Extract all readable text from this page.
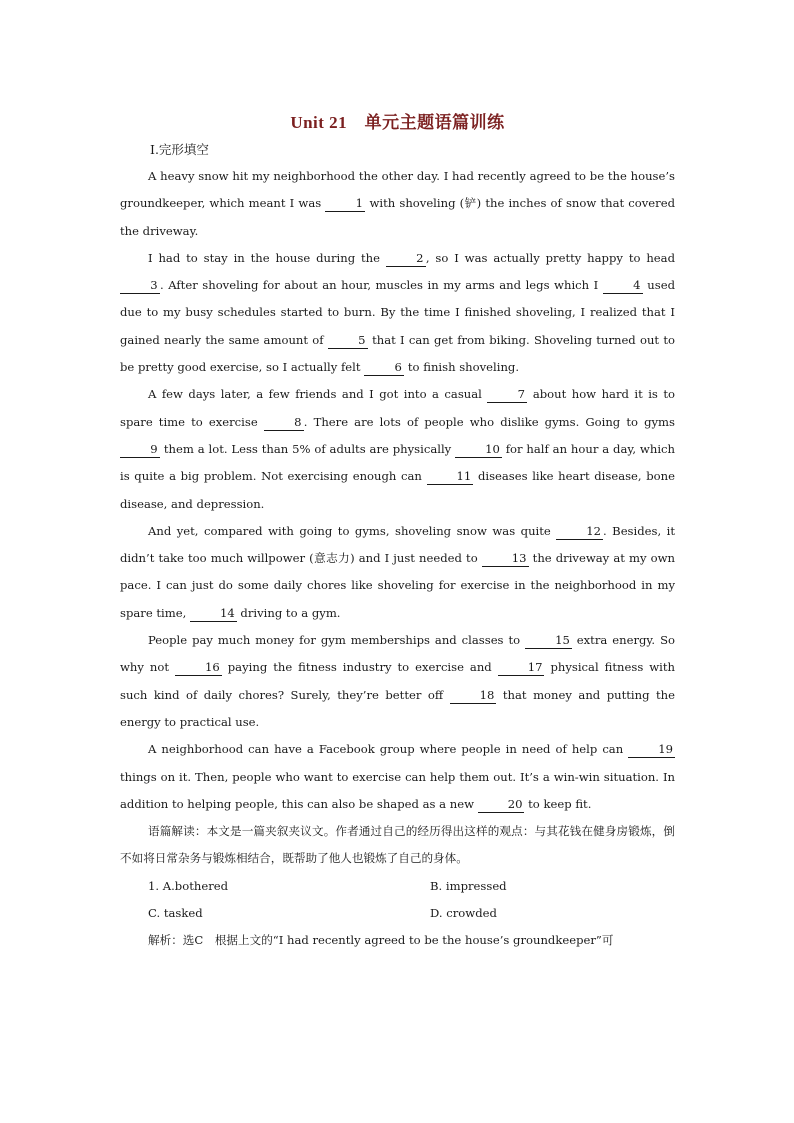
Unit 21　单元主题语篇训练
Ⅰ.完形填空

A heavy snow hit my neighborhood the other day. I had recently agreed to be the house’s groundkeeper, which meant I was	1 with shoveling (铲) the inches of snow that covered the driveway.

I had to stay in the house during the	2 , so I was actually pretty happy to head 3 . After shoveling for about an hour, muscles in my arms and legs which I	4 used due to my busy schedules started to burn. By the time I finished shoveling, I realized that I gained nearly the same amount of	5 that I can get from biking. Shoveling turned out to be pretty good exercise, so I actually felt	6 to finish shoveling.

A few days later, a few friends and I got into a casual	7 about how hard it is to spare time to exercise	8 . There are lots of people who dislike gyms. Going to gyms 9 them a lot. Less than 5% of adults are physically	10 for half an hour a day, which is quite a big problem. Not exercising enough can	11 diseases like heart disease, bone disease, and depression.

And yet, compared with going to gyms, shoveling snow was quite	12 . Besides, it didn’t take too much willpower (意志力) and I just needed to	13 the driveway at my own pace. I can just do some daily chores like shoveling for exercise in the neighborhood in my spare time,	14 driving to a gym.

People pay much money for gym memberships and classes to	15 extra energy. So why not	16 paying the fitness industry to exercise and	17 physical fitness with such kind of daily chores? Surely, they’re better off	18 that money and putting the energy to practical use.

A neighborhood can have a Facebook group where people in need of help can	19 things on it. Then, people who want to exercise can help them out. It’s a win-win situation. In addition to helping people, this can also be shaped as a new	20 to keep fit.

语篇解读：本文是一篇夹叙夹议文。作者通过自己的经历得出这样的观点：与其花钱在健身房锻炼，倒不如将日常杂务与锻炼相结合，既帮助了他人也锻炼了自己的身体。

1. A.bothered	B. impressed
C. tasked	D. crowded

解析：选C　根据上文的“I had recently agreed to be the house’s groundkeeper”可
